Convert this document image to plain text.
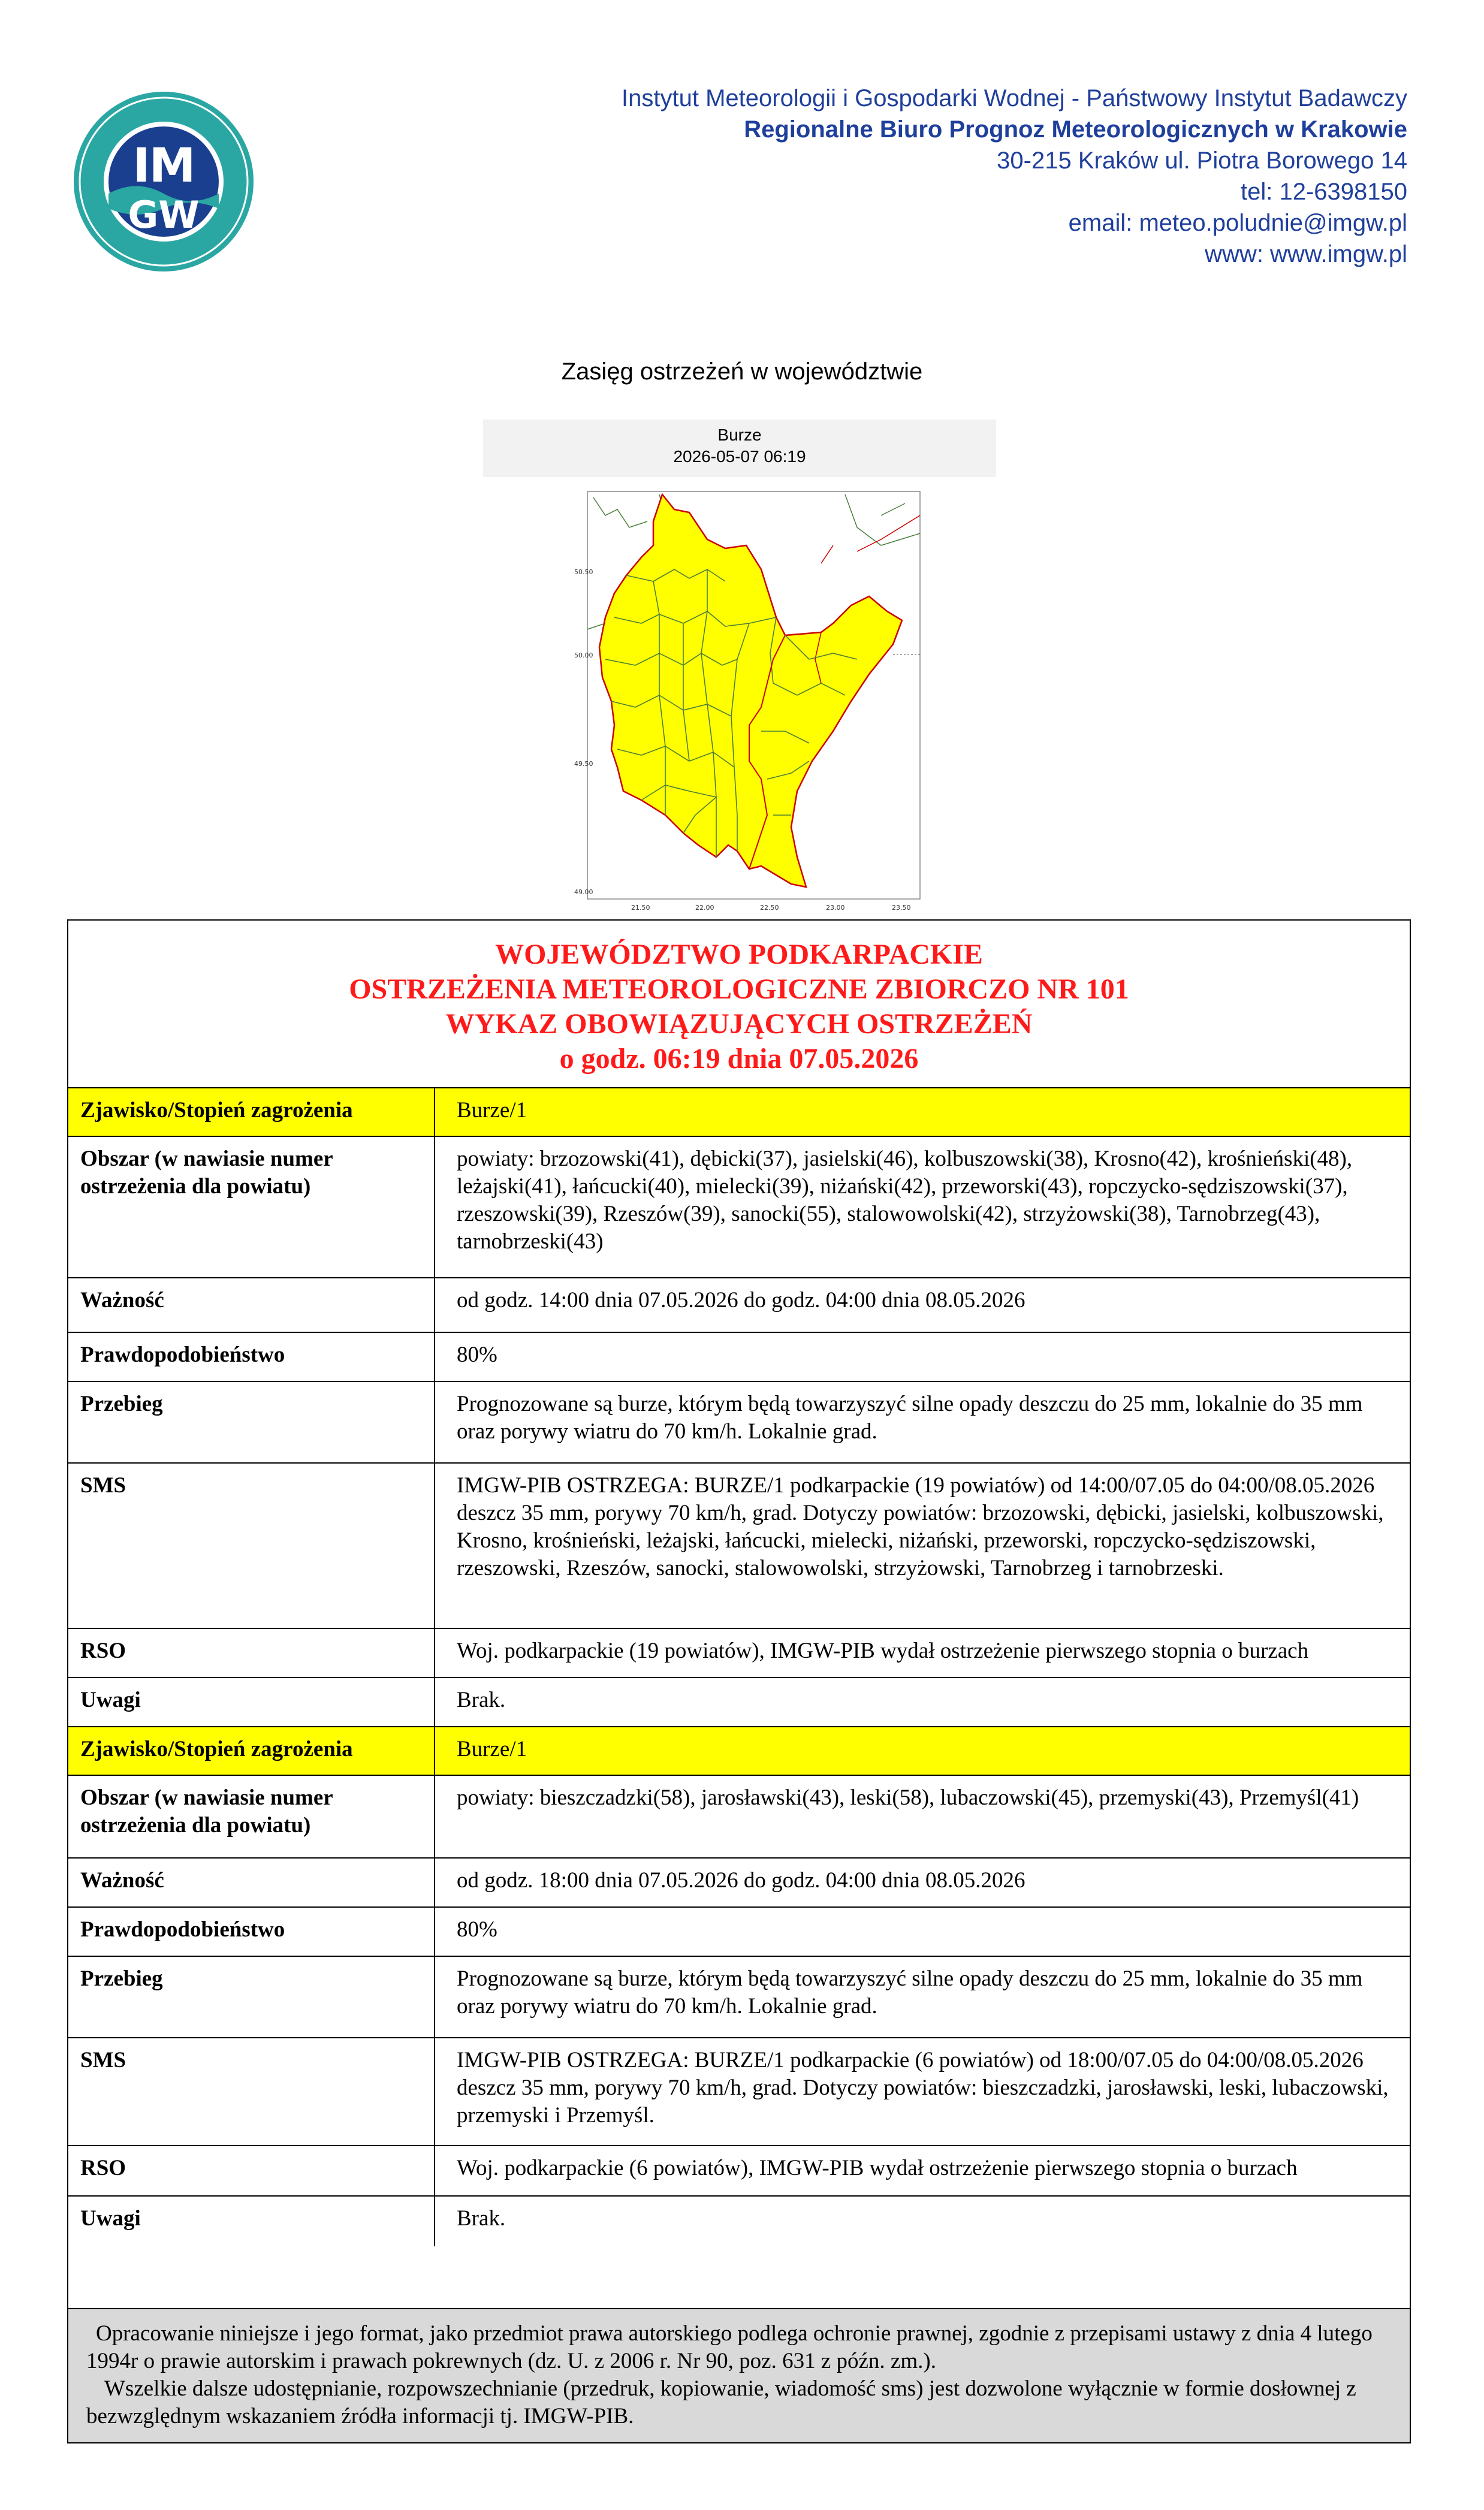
IM
GW
Instytut Meteorologii i Gospodarki Wodnej - Państwowy Instytut Badawczy
Regionalne Biuro Prognoz Meteorologicznych w Krakowie
30-215 Kraków ul. Piotra Borowego 14
tel: 12-6398150
email: meteo.poludnie@imgw.pl
www: www.imgw.pl
Zasięg ostrzeżeń w województwie
Burze
2026-05-07 06:19
50.50
50.00
49.50
49.00
21.50	22.00	22.50	23.00	23.50
WOJEWÓDZTWO PODKARPACKIE
OSTRZEŻENIA METEOROLOGICZNE ZBIORCZO NR 101
WYKAZ OBOWIĄZUJĄCYCH OSTRZEŻEŃ
o godz. 06:19 dnia 07.05.2026
Zjawisko/Stopień zagrożenia	Burze/1
Obszar (w nawiasie numer ostrzeżenia dla powiatu)	powiaty: brzozowski(41), dębicki(37), jasielski(46), kolbuszowski(38), Krosno(42), krośnieński(48), leżajski(41), łańcucki(40), mielecki(39), niżański(42), przeworski(43), ropczycko-sędziszowski(37), rzeszowski(39), Rzeszów(39), sanocki(55), stalowowolski(42), strzyżowski(38), Tarnobrzeg(43), tarnobrzeski(43)
Ważność	od godz. 14:00 dnia 07.05.2026 do godz. 04:00 dnia 08.05.2026
Prawdopodobieństwo	80%
Przebieg	Prognozowane są burze, którym będą towarzyszyć silne opady deszczu do 25 mm, lokalnie do 35 mm oraz porywy wiatru do 70 km/h. Lokalnie grad.
SMS	IMGW-PIB OSTRZEGA: BURZE/1 podkarpackie (19 powiatów) od 14:00/07.05 do 04:00/08.05.2026 deszcz 35 mm, porywy 70 km/h, grad. Dotyczy powiatów: brzozowski, dębicki, jasielski, kolbuszowski, Krosno, krośnieński, leżajski, łańcucki, mielecki, niżański, przeworski, ropczycko-sędziszowski, rzeszowski, Rzeszów, sanocki, stalowowolski, strzyżowski, Tarnobrzeg i tarnobrzeski.
RSO	Woj. podkarpackie (19 powiatów), IMGW-PIB wydał ostrzeżenie pierwszego stopnia o burzach
Uwagi	Brak.
Zjawisko/Stopień zagrożenia	Burze/1
Obszar (w nawiasie numer ostrzeżenia dla powiatu)	powiaty: bieszczadzki(58), jarosławski(43), leski(58), lubaczowski(45), przemyski(43), Przemyśl(41)
Ważność	od godz. 18:00 dnia 07.05.2026 do godz. 04:00 dnia 08.05.2026
Prawdopodobieństwo	80%
Przebieg	Prognozowane są burze, którym będą towarzyszyć silne opady deszczu do 25 mm, lokalnie do 35 mm oraz porywy wiatru do 70 km/h. Lokalnie grad.
SMS	IMGW-PIB OSTRZEGA: BURZE/1 podkarpackie (6 powiatów) od 18:00/07.05 do 04:00/08.05.2026 deszcz 35 mm, porywy 70 km/h, grad. Dotyczy powiatów: bieszczadzki, jarosławski, leski, lubaczowski, przemyski i Przemyśl.
RSO	Woj. podkarpackie (6 powiatów), IMGW-PIB wydał ostrzeżenie pierwszego stopnia o burzach
Uwagi	Brak.
Opracowanie niniejsze i jego format, jako przedmiot prawa autorskiego podlega ochronie prawnej, zgodnie z przepisami ustawy z dnia 4 lutego 1994r o prawie autorskim i prawach pokrewnych (dz. U. z 2006 r. Nr 90, poz. 631 z późn. zm.).
Wszelkie dalsze udostępnianie, rozpowszechnianie (przedruk, kopiowanie, wiadomość sms) jest dozwolone wyłącznie w formie dosłownej z bezwzględnym wskazaniem źródła informacji tj. IMGW-PIB.
